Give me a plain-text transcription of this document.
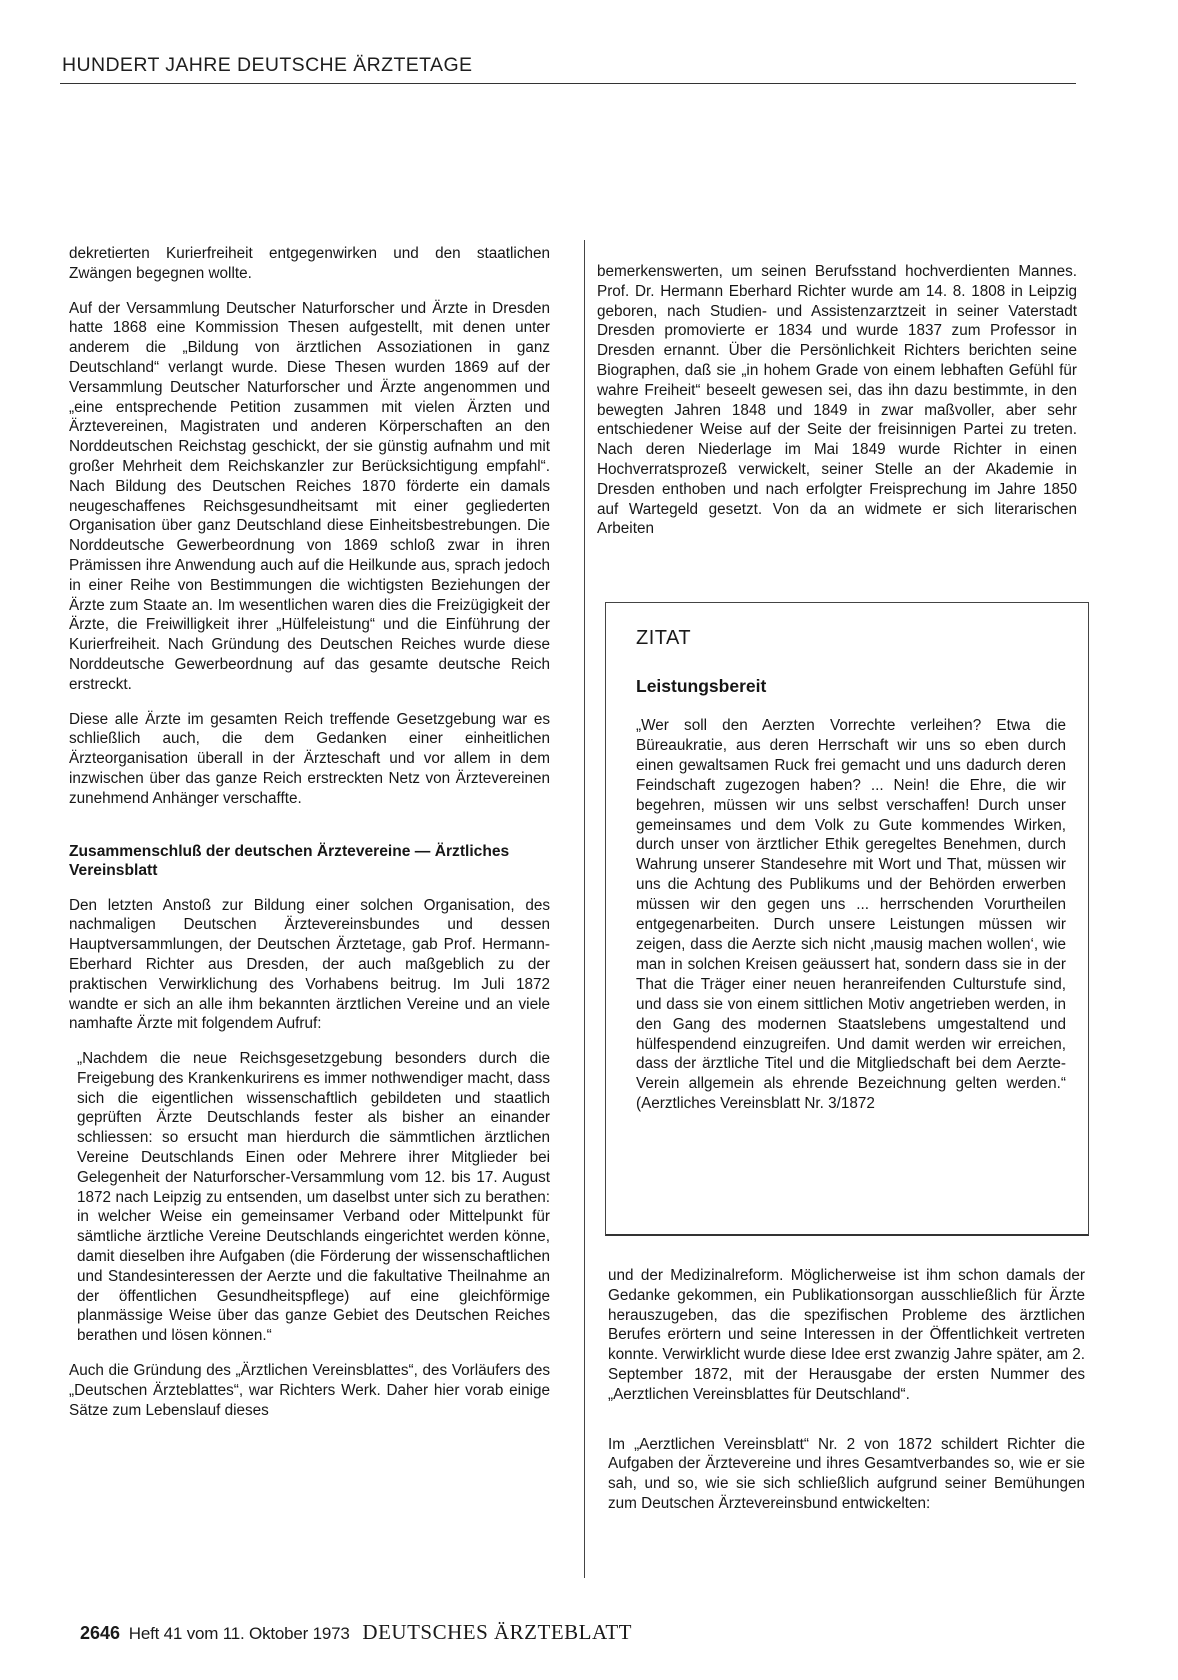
HUNDERT JAHRE DEUTSCHE ÄRZTETAGE

dekretierten Kurierfreiheit entgegenwirken und den staatlichen Zwängen begegnen wollte.

Auf der Versammlung Deutscher Naturforscher und Ärzte in Dresden hatte 1868 eine Kommission Thesen aufgestellt, mit denen unter anderem die „Bildung von ärztlichen Assoziationen in ganz Deutschland“ verlangt wurde. Diese Thesen wurden 1869 auf der Versammlung Deutscher Naturforscher und Ärzte angenommen und „eine entsprechende Petition zusammen mit vielen Ärzten und Ärztevereinen, Magistraten und anderen Körperschaften an den Norddeutschen Reichstag geschickt, der sie günstig aufnahm und mit großer Mehrheit dem Reichskanzler zur Berücksichtigung empfahl“. Nach Bildung des Deutschen Reiches 1870 förderte ein damals neugeschaffenes Reichsgesundheitsamt mit einer gegliederten Organisation über ganz Deutschland diese Einheitsbestrebungen. Die Norddeutsche Gewerbeordnung von 1869 schloß zwar in ihren Prämissen ihre Anwendung auch auf die Heilkunde aus, sprach jedoch in einer Reihe von Bestimmungen die wichtigsten Beziehungen der Ärzte zum Staate an. Im wesentlichen waren dies die Freizügigkeit der Ärzte, die Freiwilligkeit ihrer „Hülfeleistung“ und die Einführung der Kurierfreiheit. Nach Gründung des Deutschen Reiches wurde diese Norddeutsche Gewerbeordnung auf das gesamte deutsche Reich erstreckt.

Diese alle Ärzte im gesamten Reich treffende Gesetzgebung war es schließlich auch, die dem Gedanken einer einheitlichen Ärzteorganisation überall in der Ärzteschaft und vor allem in dem inzwischen über das ganze Reich erstreckten Netz von Ärztevereinen zunehmend Anhänger verschaffte.

Zusammenschluß der deutschen Ärztevereine — Ärztliches Vereinsblatt

Den letzten Anstoß zur Bildung einer solchen Organisation, des nachmaligen Deutschen Ärztevereinsbundes und dessen Hauptversammlungen, der Deutschen Ärztetage, gab Prof. Hermann-Eberhard Richter aus Dresden, der auch maßgeblich zu der praktischen Verwirklichung des Vorhabens beitrug. Im Juli 1872 wandte er sich an alle ihm bekannten ärztlichen Vereine und an viele namhafte Ärzte mit folgendem Aufruf:

„Nachdem die neue Reichsgesetzgebung besonders durch die Freigebung des Krankenkurirens es immer nothwendiger macht, dass sich die eigentlichen wissenschaftlich gebildeten und staatlich geprüften Ärzte Deutschlands fester als bisher an einander schliessen: so ersucht man hierdurch die sämmtlichen ärztlichen Vereine Deutschlands Einen oder Mehrere ihrer Mitglieder bei Gelegenheit der Naturforscher-Versammlung vom 12. bis 17. August 1872 nach Leipzig zu entsenden, um daselbst unter sich zu berathen: in welcher Weise ein gemeinsamer Verband oder Mittelpunkt für sämtliche ärztliche Vereine Deutschlands eingerichtet werden könne, damit dieselben ihre Aufgaben (die Förderung der wissenschaftlichen und Standesinteressen der Aerzte und die fakultative Theilnahme an der öffentlichen Gesundheitspflege) auf eine gleichförmige planmässige Weise über das ganze Gebiet des Deutschen Reiches berathen und lösen können.“

Auch die Gründung des „Ärztlichen Vereinsblattes“, des Vorläufers des „Deutschen Ärzteblattes“, war Richters Werk. Daher hier vorab einige Sätze zum Lebenslauf dieses

bemerkenswerten, um seinen Berufsstand hochverdienten Mannes. Prof. Dr. Hermann Eberhard Richter wurde am 14. 8. 1808 in Leipzig geboren, nach Studien- und Assistenzarztzeit in seiner Vaterstadt Dresden promovierte er 1834 und wurde 1837 zum Professor in Dresden ernannt. Über die Persönlichkeit Richters berichten seine Biographen, daß sie „in hohem Grade von einem lebhaften Gefühl für wahre Freiheit“ beseelt gewesen sei, das ihn dazu bestimmte, in den bewegten Jahren 1848 und 1849 in zwar maßvoller, aber sehr entschiedener Weise auf der Seite der freisinnigen Partei zu treten. Nach deren Niederlage im Mai 1849 wurde Richter in einen Hochverratsprozeß verwickelt, seiner Stelle an der Akademie in Dresden enthoben und nach erfolgter Freisprechung im Jahre 1850 auf Wartegeld gesetzt. Von da an widmete er sich literarischen Arbeiten

ZITAT
Leistungsbereit
„Wer soll den Aerzten Vorrechte verleihen? Etwa die Büreaukratie, aus deren Herrschaft wir uns so eben durch einen gewaltsamen Ruck frei gemacht und uns dadurch deren Feindschaft zugezogen haben? ... Nein! die Ehre, die wir begehren, müssen wir uns selbst verschaffen! Durch unser gemeinsames und dem Volk zu Gute kommendes Wirken, durch unser von ärztlicher Ethik geregeltes Benehmen, durch Wahrung unserer Standesehre mit Wort und That, müssen wir uns die Achtung des Publikums und der Behörden erwerben müssen wir den gegen uns ... herrschenden Vorurtheilen entgegenarbeiten. Durch unsere Leistungen müssen wir zeigen, dass die Aerzte sich nicht ‚mausig machen wollen‘, wie man in solchen Kreisen geäussert hat, sondern dass sie in der That die Träger einer neuen heranreifenden Culturstufe sind, und dass sie von einem sittlichen Motiv angetrieben werden, in den Gang des modernen Staatslebens umgestaltend und hülfespendend einzugreifen. Und damit werden wir erreichen, dass der ärztliche Titel und die Mitgliedschaft bei dem Aerzte-Verein allgemein als ehrende Bezeichnung gelten werden.“ (Aerztliches Vereinsblatt Nr. 3/1872

und der Medizinalreform. Möglicherweise ist ihm schon damals der Gedanke gekommen, ein Publikationsorgan ausschließlich für Ärzte herauszugeben, das die spezifischen Probleme des ärztlichen Berufes erörtern und seine Interessen in der Öffentlichkeit vertreten konnte. Verwirklicht wurde diese Idee erst zwanzig Jahre später, am 2. September 1872, mit der Herausgabe der ersten Nummer des „Aerztlichen Vereinsblattes für Deutschland“.

Im „Aerztlichen Vereinsblatt“ Nr. 2 von 1872 schildert Richter die Aufgaben der Ärztevereine und ihres Gesamtverbandes so, wie er sie sah, und so, wie sie sich schließlich aufgrund seiner Bemühungen zum Deutschen Ärztevereinsbund entwickelten:

2646 Heft 41 vom 11. Oktober 1973 DEUTSCHES ÄRZTEBLATT
